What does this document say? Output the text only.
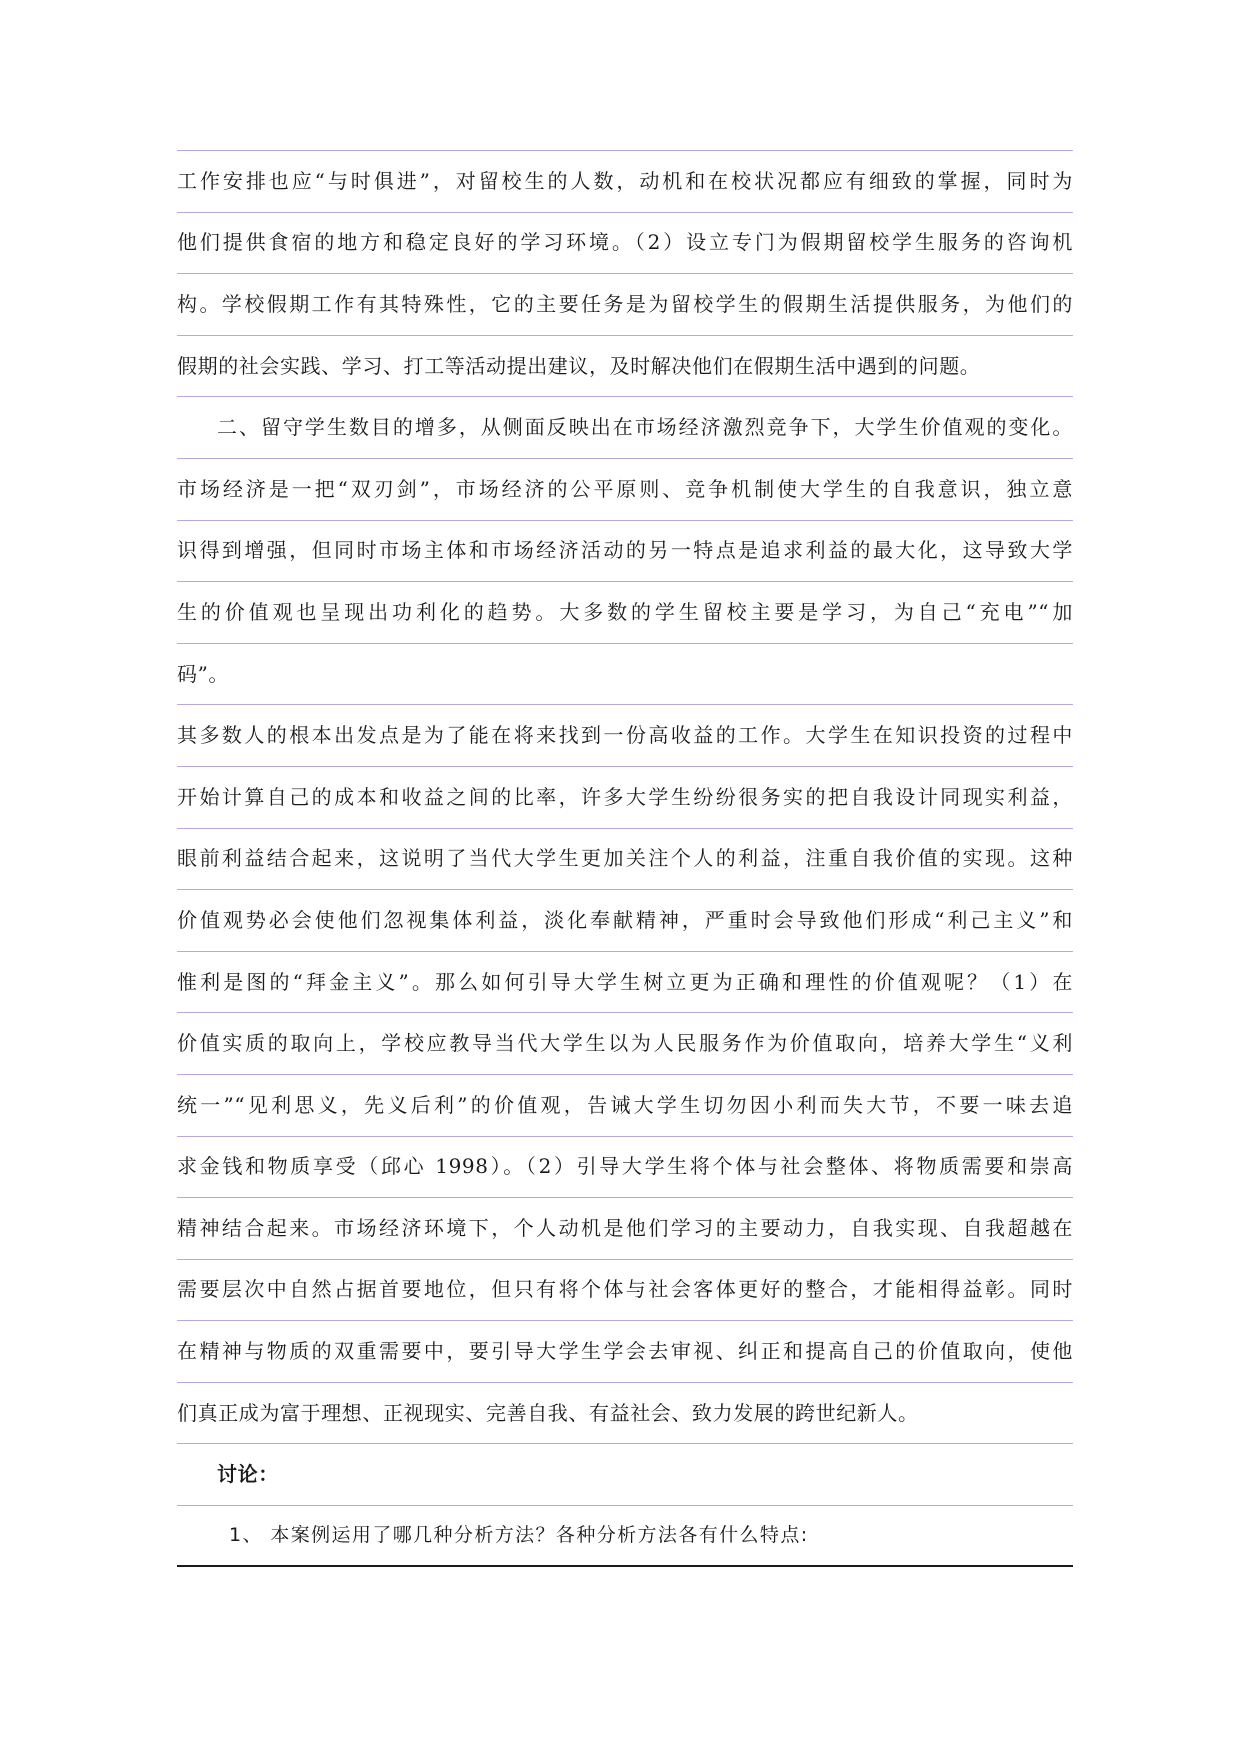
工作安排也应“与时俱进”，对留校生的人数，动机和在校状况都应有细致的掌握，同时为
他们提供食宿的地方和稳定良好的学习环境。（2）设立专门为假期留校学生服务的咨询机
构。学校假期工作有其特殊性，它的主要任务是为留校学生的假期生活提供服务，为他们的
假期的社会实践、学习、打工等活动提出建议，及时解决他们在假期生活中遇到的问题。
二、留守学生数目的增多，从侧面反映出在市场经济激烈竞争下，大学生价值观的变化。
市场经济是一把“双刃剑”，市场经济的公平原则、竞争机制使大学生的自我意识，独立意
识得到增强，但同时市场主体和市场经济活动的另一特点是追求利益的最大化，这导致大学
生的价值观也呈现出功利化的趋势。大多数的学生留校主要是学习，为自己“充电”“加
码”。
其多数人的根本出发点是为了能在将来找到一份高收益的工作。大学生在知识投资的过程中
开始计算自己的成本和收益之间的比率，许多大学生纷纷很务实的把自我设计同现实利益，
眼前利益结合起来，这说明了当代大学生更加关注个人的利益，注重自我价值的实现。这种
价值观势必会使他们忽视集体利益，淡化奉献精神，严重时会导致他们形成“利己主义”和
惟利是图的“拜金主义”。那么如何引导大学生树立更为正确和理性的价值观呢？（1）在
价值实质的取向上，学校应教导当代大学生以为人民服务作为价值取向，培养大学生“义利
统一”“见利思义，先义后利”的价值观，告诫大学生切勿因小利而失大节，不要一味去追
求金钱和物质享受（邱心 1998）。（2）引导大学生将个体与社会整体、将物质需要和崇高
精神结合起来。市场经济环境下，个人动机是他们学习的主要动力，自我实现、自我超越在
需要层次中自然占据首要地位，但只有将个体与社会客体更好的整合，才能相得益彰。同时
在精神与物质的双重需要中，要引导大学生学会去审视、纠正和提高自己的价值取向，使他
们真正成为富于理想、正视现实、完善自我、有益社会、致力发展的跨世纪新人。
讨论：
1、 本案例运用了哪几种分析方法？各种分析方法各有什么特点:
